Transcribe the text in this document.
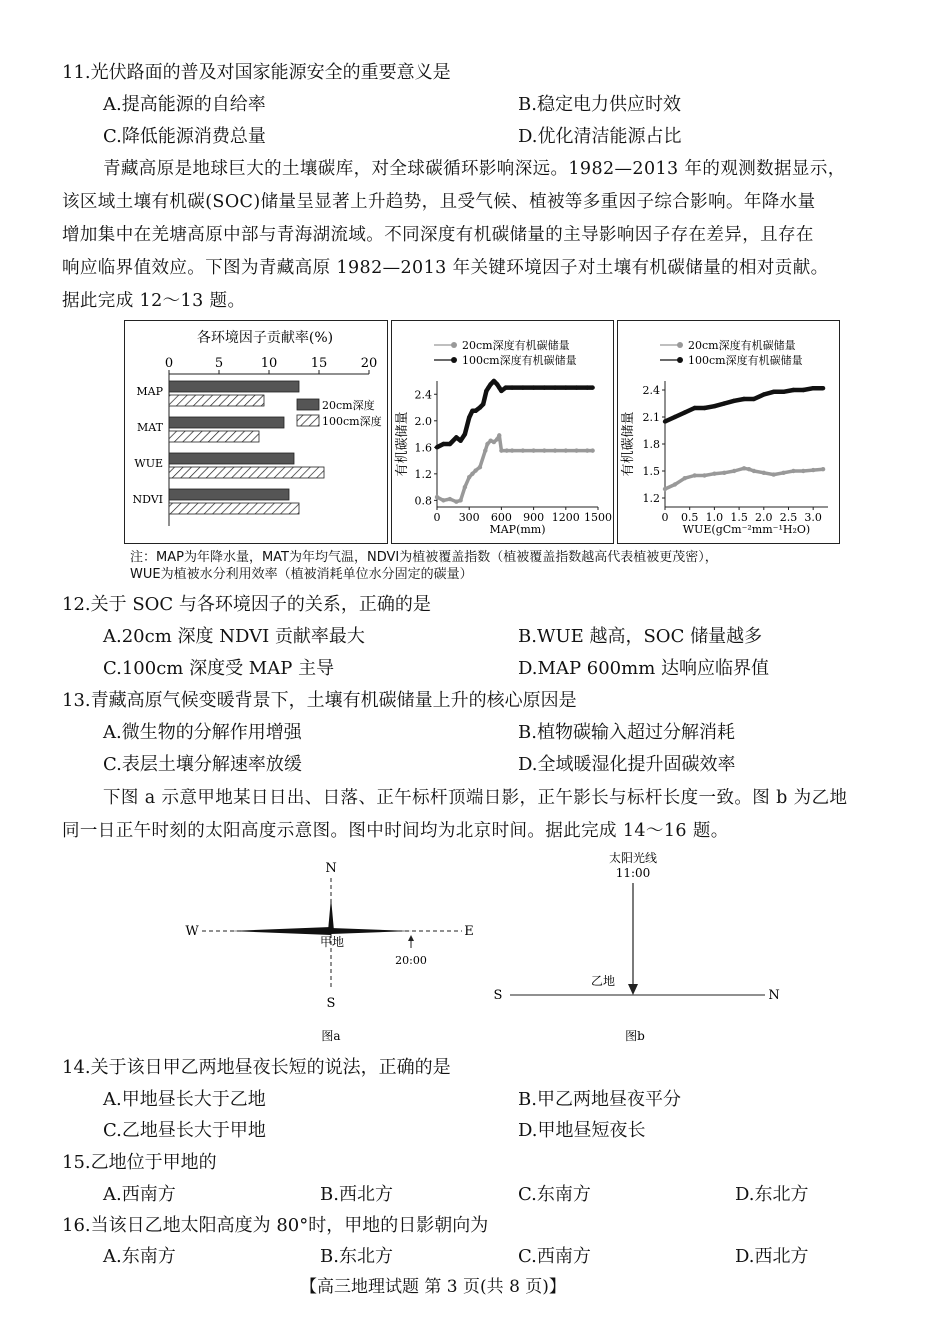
11.光伏路面的普及对国家能源安全的重要意义是
A.提高能源的自给率	B.稳定电力供应时效
C.降低能源消费总量	D.优化清洁能源占比
青藏高原是地球巨大的土壤碳库，对全球碳循环影响深远。1982—2013 年的观测数据显示，
该区域土壤有机碳(SOC)储量呈显著上升趋势，且受气候、植被等多重因子综合影响。年降水量
增加集中在羌塘高原中部与青海湖流域。不同深度有机碳储量的主导影响因子存在差异，且存在
响应临界值效应。下图为青藏高原 1982—2013 年关键环境因子对土壤有机碳储量的相对贡献。
据此完成 12～13 题。
各环境因子贡献率(%)
0	5	10	15	20
MAP
MAT
WUE
NDVI
20cm深度
100cm深度
0 300 600 900 1200 1500
0.8
1.2
1.6
2.0
2.4
MAP(mm)
有机碳储量
20cm深度有机碳储量
100cm深度有机碳储量
0 0.5 1.0 1.5 2.0 2.5 3.0
1.2
1.5
1.8
2.1
2.4
WUE(gCm⁻²mm⁻¹H₂O)
有机碳储量
20cm深度有机碳储量
100cm深度有机碳储量
注：MAP为年降水量，MAT为年均气温，NDVI为植被覆盖指数（植被覆盖指数越高代表植被更茂密），
WUE为植被水分利用效率（植被消耗单位水分固定的碳量）
12.关于 SOC 与各环境因子的关系，正确的是
A.20cm 深度 NDVI 贡献率最大	B.WUE 越高，SOC 储量越多
C.100cm 深度受 MAP 主导	D.MAP 600mm 达响应临界值
13.青藏高原气候变暖背景下，土壤有机碳储量上升的核心原因是
A.微生物的分解作用增强	B.植物碳输入超过分解消耗
C.表层土壤分解速率放缓	D.全域暖湿化提升固碳效率
下图 a 示意甲地某日日出、日落、正午标杆顶端日影，正午影长与标杆长度一致。图 b 为乙地
同一日正午时刻的太阳高度示意图。图中时间均为北京时间。据此完成 14～16 题。
N
S
W	E
甲地
20:00
图a
太阳光线
11:00
S	N
乙地
图b
14.关于该日甲乙两地昼夜长短的说法，正确的是
A.甲地昼长大于乙地	B.甲乙两地昼夜平分
C.乙地昼长大于甲地	D.甲地昼短夜长
15.乙地位于甲地的
A.西南方	B.西北方	C.东南方	D.东北方
16.当该日乙地太阳高度为 80°时，甲地的日影朝向为
A.东南方	B.东北方	C.西南方	D.西北方
【高三地理试题 第 3 页(共 8 页)】
